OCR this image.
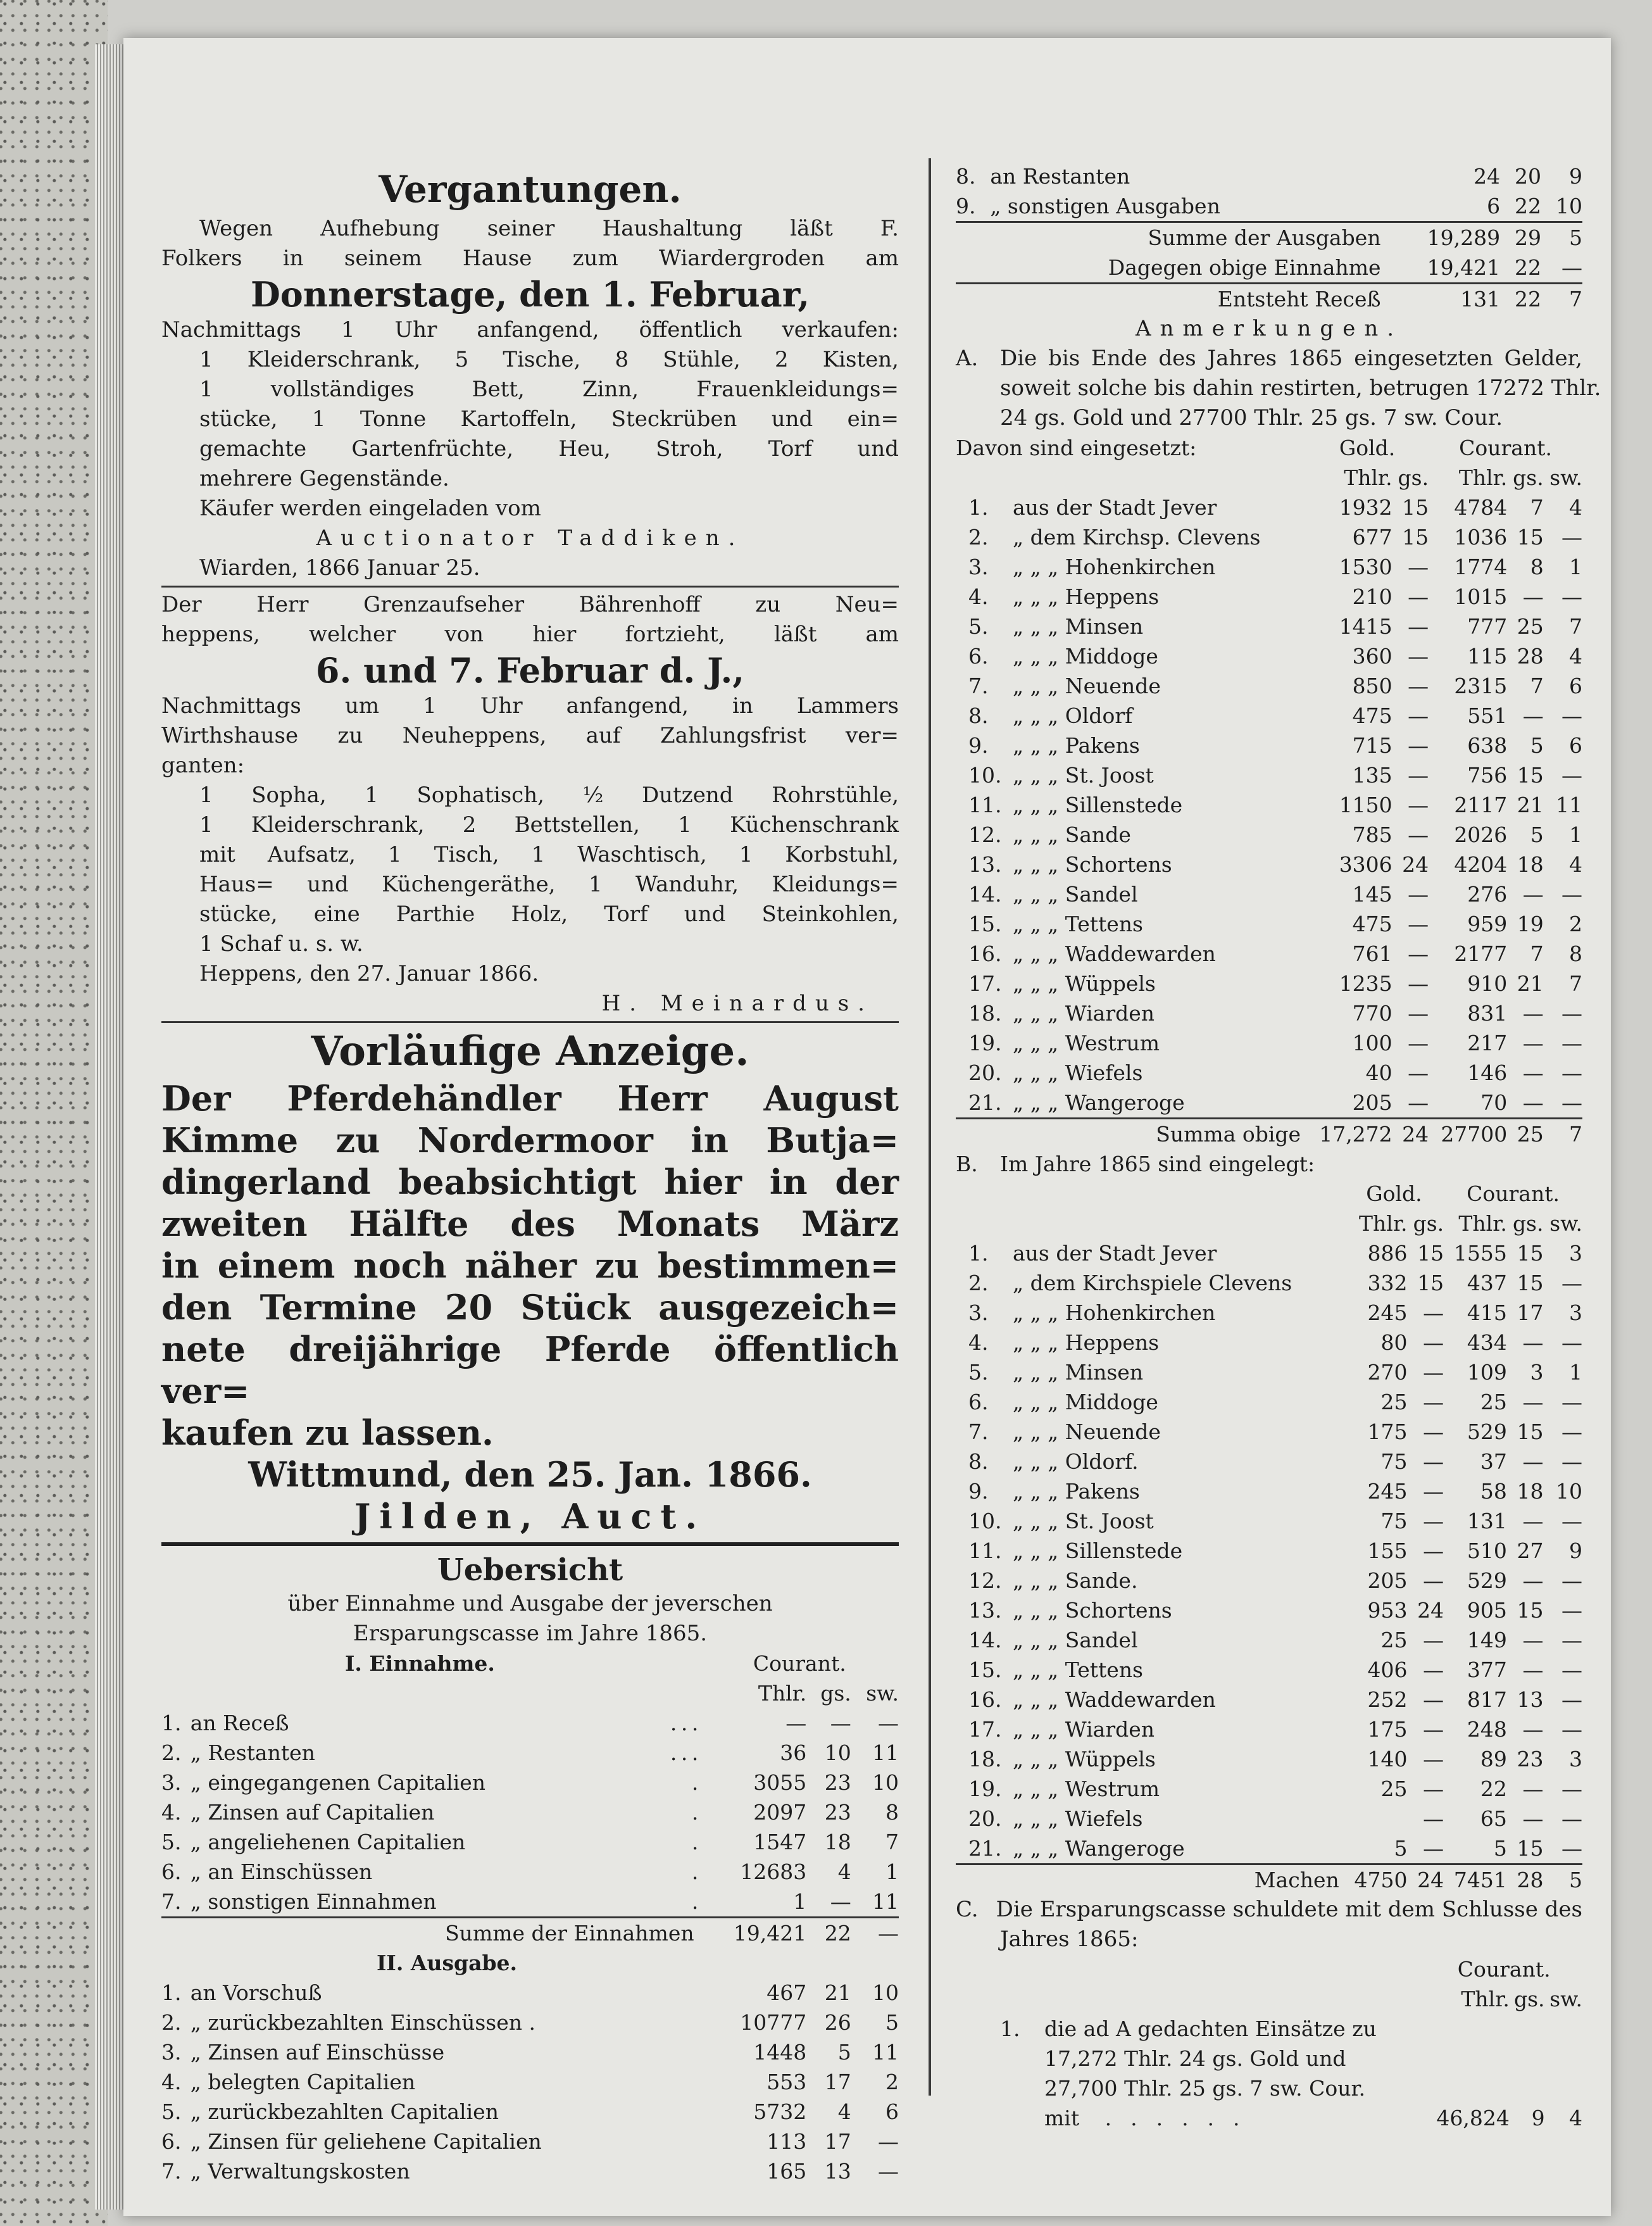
Vergantungen.
Wegen Aufhebung seiner Haushaltung läßt F.
Folkers in seinem Hause zum Wiardergroden am
Donnerstage, den 1. Februar,
Nachmittags 1 Uhr anfangend, öffentlich verkaufen:
1 Kleiderschrank, 5 Tische, 8 Stühle, 2 Kisten,
1 vollständiges Bett, Zinn, Frauenkleidungs=
stücke, 1 Tonne Kartoffeln, Steckrüben und ein=
gemachte Gartenfrüchte, Heu, Stroh, Torf und
mehrere Gegenstände.
Käufer werden eingeladen vom
Auctionator Taddiken.
Wiarden, 1866 Januar 25.
Der Herr Grenzaufseher Bährenhoff zu Neu=
heppens, welcher von hier fortzieht, läßt am
6. und 7. Februar d. J.,
Nachmittags um 1 Uhr anfangend, in Lammers
Wirthshause zu Neuheppens, auf Zahlungsfrist ver=
ganten:
1 Sopha, 1 Sophatisch, ½ Dutzend Rohrstühle,
1 Kleiderschrank, 2 Bettstellen, 1 Küchenschrank
mit Aufsatz, 1 Tisch, 1 Waschtisch, 1 Korbstuhl,
Haus= und Küchengeräthe, 1 Wanduhr, Kleidungs=
stücke, eine Parthie Holz, Torf und Steinkohlen,
1 Schaf u. s. w.
Heppens, den 27. Januar 1866.
H. Meinardus.
Vorläufige Anzeige.
Der Pferdehändler Herr August
Kimme zu Nordermoor in Butja=
dingerland beabsichtigt hier in der
zweiten Hälfte des Monats März
in einem noch näher zu bestimmen=
den Termine 20 Stück ausgezeich=
nete dreijährige Pferde öffentlich ver=
kaufen zu lassen.
Wittmund, den 25. Jan. 1866.
Jilden, Auct.
Uebersicht
über Einnahme und Ausgabe der jeverschen
Ersparungscasse im Jahre 1865.
I. Einnahme.					Courant.		
					Thlr.	gs.	sw.
1.	an Receß	.	.	.	—	—	—
2.	„ Restanten	.	.	.	36	10	11
3.	„ eingegangenen Capitalien			.	3055	23	10
4.	„ Zinsen auf Capitalien			.	2097	23	8
5.	„ angeliehenen Capitalien			.	1547	18	7
6.	„ an Einschüssen			.	12683	4	1
7.	„ sonstigen Einnahmen			.	1	—	11
Summe der Einnahmen					19,421	22	—
II. Ausgabe.							
1.	an Vorschuß				467	21	10
2.	„ zurückbezahlten Einschüssen .				10777	26	5
3.	„ Zinsen auf Einschüsse				1448	5	11
4.	„ belegten Capitalien				553	17	2
5.	„ zurückbezahlten Capitalien				5732	4	6
6.	„ Zinsen für geliehene Capitalien				113	17	—
7.	„ Verwaltungskosten				165	13	—
8.	an Restanten	24	20	9
9.	„ sonstigen Ausgaben	6	22	10
Summe der Ausgaben		19,289	29	5
Dagegen obige Einnahme		19,421	22	—
Entsteht Receß		131	22	7
Anmerkungen.
A.	Die bis Ende des Jahres 1865 eingesetzten Gelder,
soweit solche bis dahin restirten, betrugen 17272 Thlr.
24 gs. Gold und 27700 Thlr. 25 gs. 7 sw. Cour.
Davon sind eingesetzt:		Gold.		Courant.		
		Thlr.	gs.	Thlr.	gs.	sw.
1.	aus der Stadt Jever	1932	15	4784	7	4
2.	„ dem Kirchsp. Clevens	677	15	1036	15	—
3.	„ „ „ Hohenkirchen	1530	—	1774	8	1
4.	„ „ „ Heppens	210	—	1015	—	—
5.	„ „ „ Minsen	1415	—	777	25	7
6.	„ „ „ Middoge	360	—	115	28	4
7.	„ „ „ Neuende	850	—	2315	7	6
8.	„ „ „ Oldorf	475	—	551	—	—
9.	„ „ „ Pakens	715	—	638	5	6
10.	„ „ „ St. Joost	135	—	756	15	—
11.	„ „ „ Sillenstede	1150	—	2117	21	11
12.	„ „ „ Sande	785	—	2026	5	1
13.	„ „ „ Schortens	3306	24	4204	18	4
14.	„ „ „ Sandel	145	—	276	—	—
15.	„ „ „ Tettens	475	—	959	19	2
16.	„ „ „ Waddewarden	761	—	2177	7	8
17.	„ „ „ Wüppels	1235	—	910	21	7
18.	„ „ „ Wiarden	770	—	831	—	—
19.	„ „ „ Westrum	100	—	217	—	—
20.	„ „ „ Wiefels	40	—	146	—	—
21.	„ „ „ Wangeroge	205	—	70	—	—
Summa obige		17,272	24	27700	25	7
B. Im Jahre 1865 sind eingelegt:						
		Gold.		Courant.		
		Thlr.	gs.	Thlr.	gs.	sw.
1.	aus der Stadt Jever	886	15	1555	15	3
2.	„ dem Kirchspiele Clevens	332	15	437	15	—
3.	„ „ „ Hohenkirchen	245	—	415	17	3
4.	„ „ „ Heppens	80	—	434	—	—
5.	„ „ „ Minsen	270	—	109	3	1
6.	„ „ „ Middoge	25	—	25	—	—
7.	„ „ „ Neuende	175	—	529	15	—
8.	„ „ „ Oldorf.	75	—	37	—	—
9.	„ „ „ Pakens	245	—	58	18	10
10.	„ „ „ St. Joost	75	—	131	—	—
11.	„ „ „ Sillenstede	155	—	510	27	9
12.	„ „ „ Sande.	205	—	529	—	—
13.	„ „ „ Schortens	953	24	905	15	—
14.	„ „ „ Sandel	25	—	149	—	—
15.	„ „ „ Tettens	406	—	377	—	—
16.	„ „ „ Waddewarden	252	—	817	13	—
17.	„ „ „ Wiarden	175	—	248	—	—
18.	„ „ „ Wüppels	140	—	89	23	3
19.	„ „ „ Westrum	25	—	22	—	—
20.	„ „ „ Wiefels		—	65	—	—
21.	„ „ „ Wangeroge	5	—	5	15	—
Machen		4750	24	7451	28	5
C. Die Ersparungscasse schuldete mit dem Schlusse des
Jahres 1865:
		Courant.		
		Thlr.	gs.	sw.
1.	die ad A gedachten Einsätze zu			
	17,272 Thlr. 24 gs. Gold und			
	27,700 Thlr. 25 gs. 7 sw. Cour.			
	mit ......	46,824	9	4
